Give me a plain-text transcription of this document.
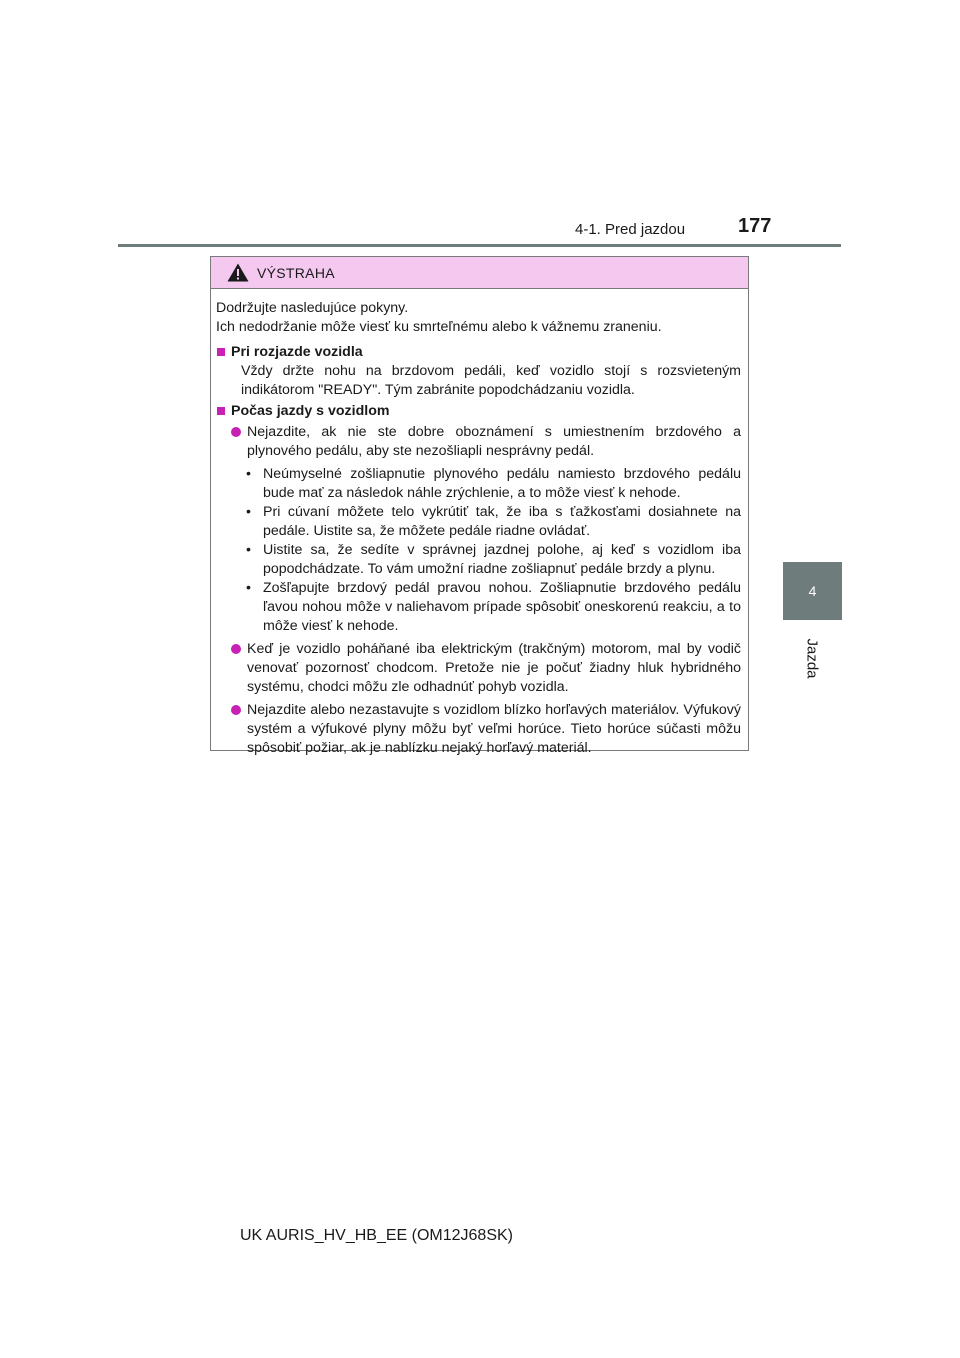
4-1. Pred jazdou	177
4
Jazda
VÝSTRAHA

Dodržujte nasledujúce pokyny.

Ich nedodržanie môže viesť ku smrteľnému alebo k vážnemu zraneniu.

Pri rozjazde vozidla

Vždy držte nohu na brzdovom pedáli, keď vozidlo stojí s rozsvieteným indikátorom "READY". Tým zabránite popodchádzaniu vozidla.

Počas jazdy s vozidlom
Nejazdite, ak nie ste dobre oboznámení s umiestnením brzdového a plynového pedálu, aby ste nezošliapli nesprávny pedál.
• Neúmyselné zošliapnutie plynového pedálu namiesto brzdového pedálu bude mať za následok náhle zrýchlenie, a to môže viesť k nehode.
• Pri cúvaní môžete telo vykrútiť tak, že iba s ťažkosťami dosiahnete na pedále. Uistite sa, že môžete pedále riadne ovládať.
• Uistite sa, že sedíte v správnej jazdnej polohe, aj keď s vozidlom iba popodchádzate. To vám umožní riadne zošliapnuť pedále brzdy a plynu.
• Zošľapujte brzdový pedál pravou nohou. Zošliapnutie brzdového pedálu ľavou nohou môže v naliehavom prípade spôsobiť oneskorenú reakciu, a to môže viesť k nehode.
Keď je vozidlo poháňané iba elektrickým (trakčným) motorom, mal by vodič venovať pozornosť chodcom. Pretože nie je počuť žiadny hluk hybridného systému, chodci môžu zle odhadnúť pohyb vozidla.
Nejazdite alebo nezastavujte s vozidlom blízko horľavých materiálov. Výfukový systém a výfukové plyny môžu byť veľmi horúce. Tieto horúce súčasti môžu spôsobiť požiar, ak je nablízku nejaký horľavý materiál.
UK AURIS_HV_HB_EE (OM12J68SK)
